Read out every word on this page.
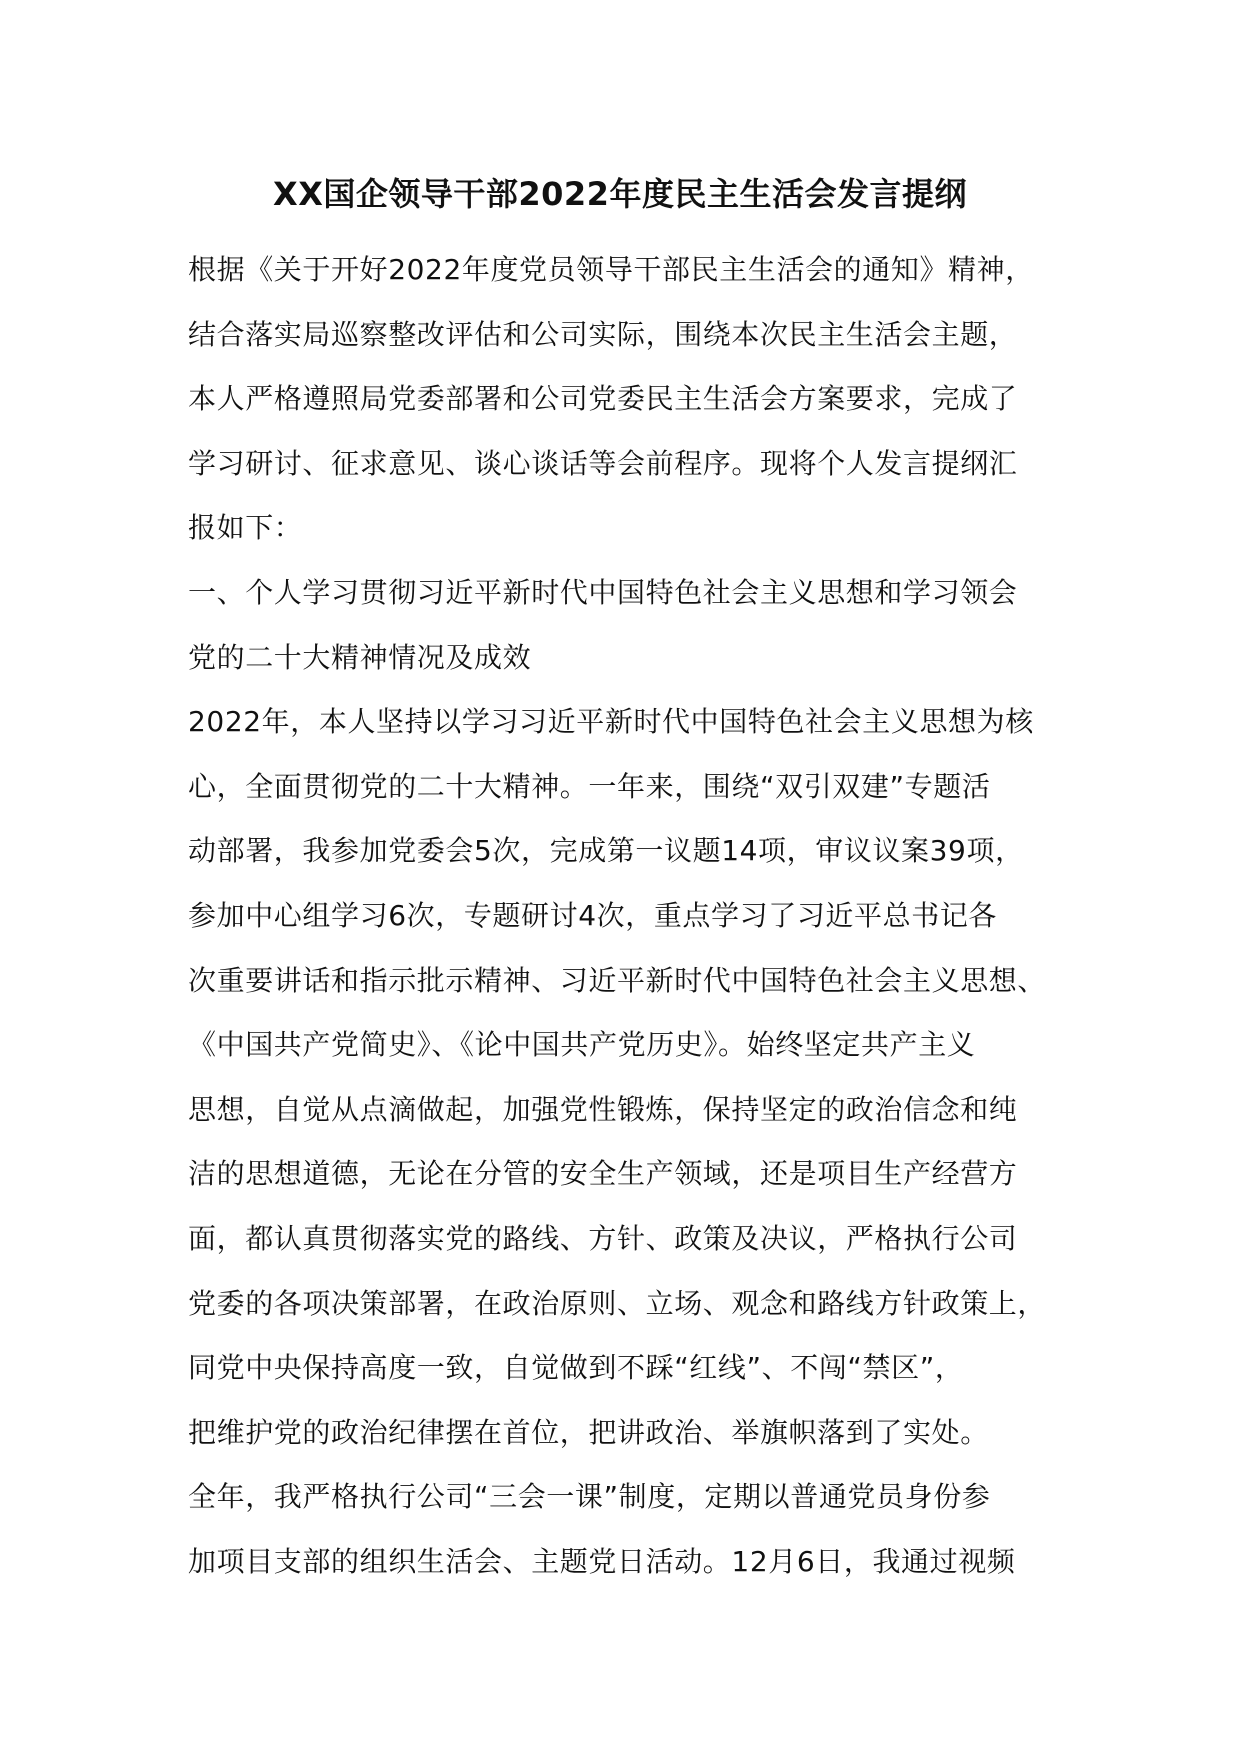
XX国企领导干部2022年度民主生活会发言提纲
根据《关于开好2022年度党员领导干部民主生活会的通知》精神，
结合落实局巡察整改评估和公司实际，围绕本次民主生活会主题，
本人严格遵照局党委部署和公司党委民主生活会方案要求，完成了
学习研讨、征求意见、谈心谈话等会前程序。现将个人发言提纲汇
报如下：
一、个人学习贯彻习近平新时代中国特色社会主义思想和学习领会
党的二十大精神情况及成效
2022年，本人坚持以学习习近平新时代中国特色社会主义思想为核
心，全面贯彻党的二十大精神。一年来，围绕“双引双建”专题活
动部署，我参加党委会5次，完成第一议题14项，审议议案39项，
参加中心组学习6次，专题研讨4次，重点学习了习近平总书记各
次重要讲话和指示批示精神、习近平新时代中国特色社会主义思想、
《中国共产党简史》、《论中国共产党历史》。始终坚定共产主义
思想，自觉从点滴做起，加强党性锻炼，保持坚定的政治信念和纯
洁的思想道德，无论在分管的安全生产领域，还是项目生产经营方
面，都认真贯彻落实党的路线、方针、政策及决议，严格执行公司
党委的各项决策部署，在政治原则、立场、观念和路线方针政策上，
同党中央保持高度一致，自觉做到不踩“红线”、不闯“禁区”，
把维护党的政治纪律摆在首位，把讲政治、举旗帜落到了实处。
全年，我严格执行公司“三会一课”制度，定期以普通党员身份参
加项目支部的组织生活会、主题党日活动。12月6日，我通过视频
